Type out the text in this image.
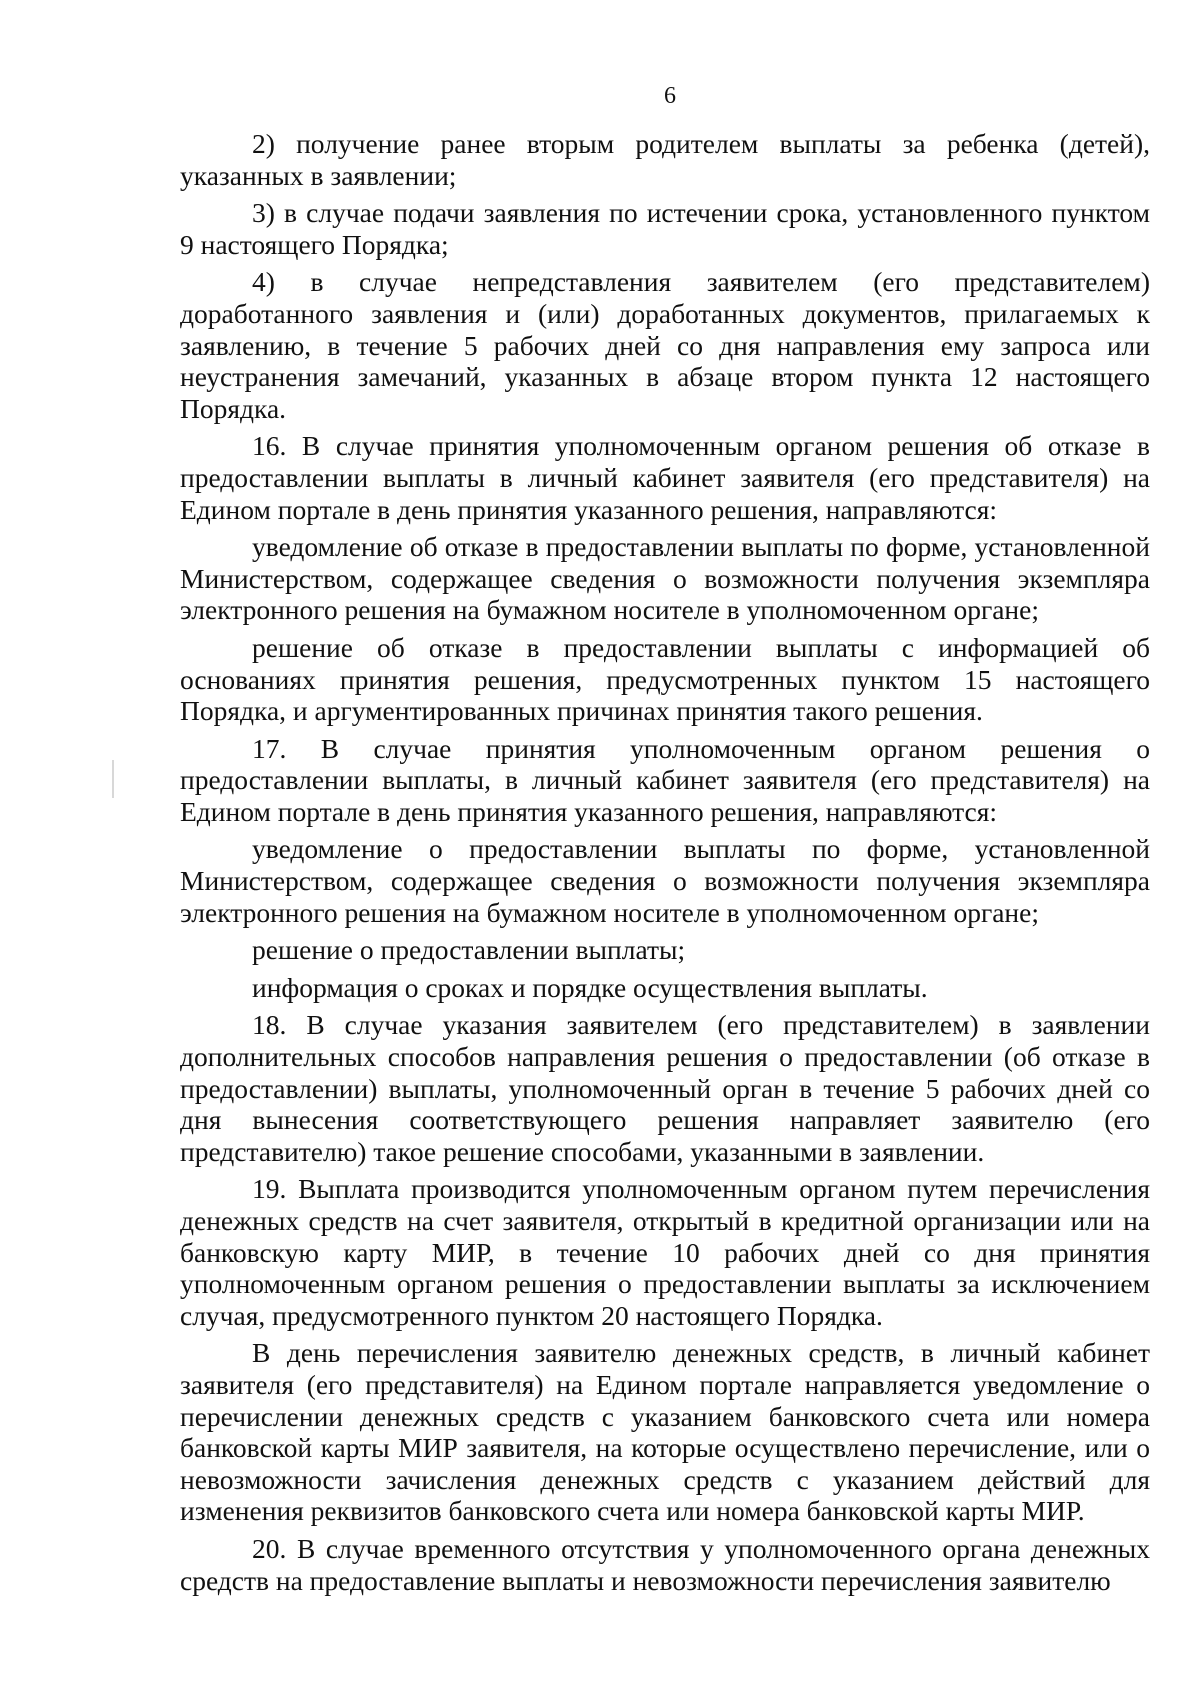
6

2) получение ранее вторым родителем выплаты за ребенка (детей), указанных в заявлении;

3) в случае подачи заявления по истечении срока, установленного пунктом 9 настоящего Порядка;

4) в случае непредставления заявителем (его представителем) доработанного заявления и (или) доработанных документов, прилагаемых к заявлению, в течение 5 рабочих дней со дня направления ему запроса или неустранения замечаний, указанных в абзаце втором пункта 12 настоящего Порядка.

16. В случае принятия уполномоченным органом решения об отказе в предоставлении выплаты в личный кабинет заявителя (его представителя) на Едином портале в день принятия указанного решения, направляются:

уведомление об отказе в предоставлении выплаты по форме, установленной Министерством, содержащее сведения о возможности получения экземпляра электронного решения на бумажном носителе в уполномоченном органе;

решение об отказе в предоставлении выплаты с информацией об основаниях принятия решения, предусмотренных пунктом 15 настоящего Порядка, и аргументированных причинах принятия такого решения.

17. В случае принятия уполномоченным органом решения о предоставлении выплаты, в личный кабинет заявителя (его представителя) на Едином портале в день принятия указанного решения, направляются:

уведомление о предоставлении выплаты по форме, установленной Министерством, содержащее сведения о возможности получения экземпляра электронного решения на бумажном носителе в уполномоченном органе;

решение о предоставлении выплаты;

информация о сроках и порядке осуществления выплаты.

18. В случае указания заявителем (его представителем) в заявлении дополнительных способов направления решения о предоставлении (об отказе в предоставлении) выплаты, уполномоченный орган в течение 5 рабочих дней со дня вынесения соответствующего решения направляет заявителю (его представителю) такое решение способами, указанными в заявлении.

19. Выплата производится уполномоченным органом путем перечисления денежных средств на счет заявителя, открытый в кредитной организации или на банковскую карту МИР, в течение 10 рабочих дней со дня принятия уполномоченным органом решения о предоставлении выплаты за исключением случая, предусмотренного пунктом 20 настоящего Порядка.

В день перечисления заявителю денежных средств, в личный кабинет заявителя (его представителя) на Едином портале направляется уведомление о перечислении денежных средств с указанием банковского счета или номера банковской карты МИР заявителя, на которые осуществлено перечисление, или о невозможности зачисления денежных средств с указанием действий для изменения реквизитов банковского счета или номера банковской карты МИР.

20. В случае временного отсутствия у уполномоченного органа денежных средств на предоставление выплаты и невозможности перечисления заявителю
